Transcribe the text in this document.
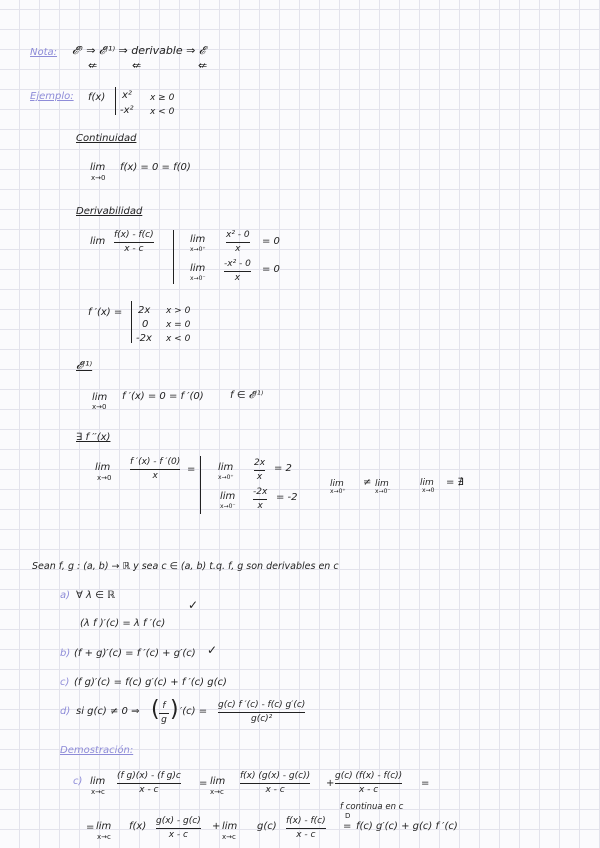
Nota: 𝓔⁰ ⇒ 𝓔⁽¹⁾ ⇒ derivable ⇒ 𝓔
⇍	⇍	⇍
Ejemplo: f(x) x² x ≥ 0
-x² x < 0
Continuidad
lim
x→0
f(x) = 0 = f(0)
Derivabilidad
lim
f(x) - f(c)
x - c
lim
x→0⁺
x² - 0
x
= 0
lim
x→0⁻
-x² - 0
x
= 0
f ′(x) = 2x x > 0
0 x = 0
-2x x < 0
𝓔⁽¹⁾
lim
x→0
f ′(x) = 0 = f ′(0)	f ∈ 𝓔⁽¹⁾
∃ f ′′(x)
lim
x→0
f ′(x) - f ′(0)
x
= lim
x→0⁺
2x
x
= 2
lim
x→0⁻
-2x
x
= -2
lim
x→0⁺
≠ lim
x→0⁻
lim
x→0
= ∄
Sean f, g : (a, b) → ℝ y sea c ∈ (a, b) t.q. f, g son derivables en c
a) ∀ λ ∈ ℝ
✓
(λ f )′(c) = λ f ′(c)
b) (f + g)′(c) = f ′(c) + g′(c) ✓
c) (f g)′(c) = f(c) g′(c) + f ′(c) g(c)
d) si g(c) ≠ 0 ⇒ ( f
g ) ′(c) =
g(c) f ′(c) - f(c) g′(c)
g(c)²
Demostración:
c) lim
x→c
(f g)(x) - (f g)c
x - c
= lim
x→c
f(x) (g(x) - g(c))
x - c
+
g(c) (f(x) - f(c))
x - c
=
f continua en c
= lim
x→c
f(x) g(x) - g(c)
x - c
+ lim
x→c
g(c) f(x) - f(c)
x - c
D
= f(c) g′(c) + g(c) f ′(c)
